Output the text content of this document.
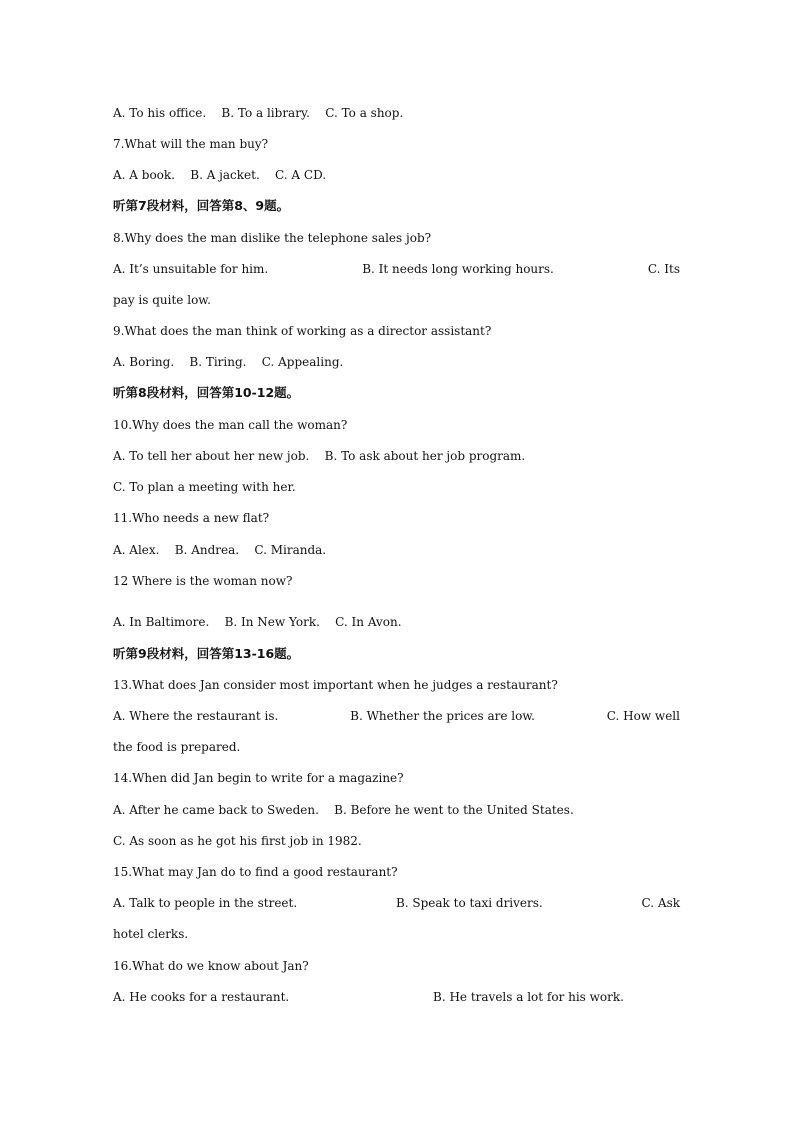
A. To his office.    B. To a library.    C. To a shop.

7.What will the man buy?

A. A book.    B. A jacket.    C. A CD.

听第7段材料，回答第8、9题。

8.Why does the man dislike the telephone sales job?

A. It’s unsuitable for him.	B. It needs long working hours.	C. Its

pay is quite low.

9.What does the man think of working as a director assistant?

A. Boring.    B. Tiring.    C. Appealing.

听第8段材料，回答第10-12题。

10.Why does the man call the woman?

A. To tell her about her new job.    B. To ask about her job program.

C. To plan a meeting with her.

11.Who needs a new flat?

A. Alex.    B. Andrea.    C. Miranda.

12 Where is the woman now?

A. In Baltimore.    B. In New York.    C. In Avon.

听第9段材料，回答第13-16题。

13.What does Jan consider most important when he judges a restaurant?

A. Where the restaurant is.	B. Whether the prices are low.	C. How well

the food is prepared.

14.When did Jan begin to write for a magazine?

A. After he came back to Sweden.    B. Before he went to the United States.

C. As soon as he got his first job in 1982.

15.What may Jan do to find a good restaurant?

A. Talk to people in the street.	B. Speak to taxi drivers.	C. Ask

hotel clerks.

16.What do we know about Jan?

A. He cooks for a restaurant.	B. He travels a lot for his work.
